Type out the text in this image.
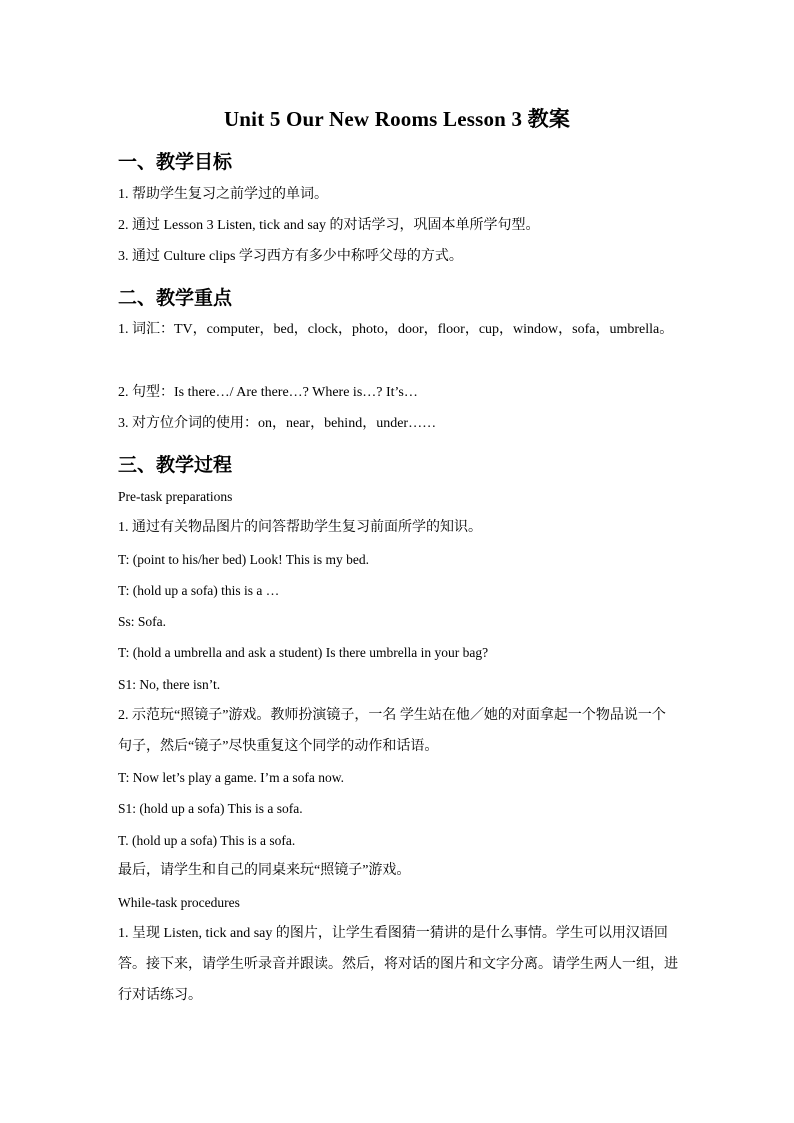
Unit 5 Our New Rooms Lesson 3 教案
一、教学目标
1. 帮助学生复习之前学过的单词。
2. 通过 Lesson 3 Listen, tick and say 的对话学习，巩固本单所学句型。
3. 通过 Culture clips 学习西方有多少中称呼父母的方式。
二、教学重点
1. 词汇：TV，computer，bed，clock，photo，door，floor，cup，window，sofa，umbrella。
2. 句型：Is there…/ Are there…? Where is…? It’s…
3. 对方位介词的使用：on，near，behind，under……
三、教学过程
Pre-task preparations
1. 通过有关物品图片的问答帮助学生复习前面所学的知识。
T: (point to his/her bed) Look! This is my bed.
T: (hold up a sofa) this is a …
Ss: Sofa.
T: (hold a umbrella and ask a student) Is there umbrella in your bag?
S1: No, there isn’t.
2. 示范玩“照镜子”游戏。教师扮演镜子，一名 学生站在他／她的对面拿起一个物品说一个句子，然后“镜子”尽快重复这个同学的动作和话语。
T: Now let’s play a game. I’m a sofa now.
S1: (hold up a sofa) This is a sofa.
T. (hold up a sofa) This is a sofa.
最后，请学生和自己的同桌来玩“照镜子”游戏。
While-task procedures
1. 呈现 Listen, tick and say 的图片，让学生看图猜一猜讲的是什么事情。学生可以用汉语回答。接下来，请学生听录音并跟读。然后，将对话的图片和文字分离。请学生两人一组，进行对话练习。
